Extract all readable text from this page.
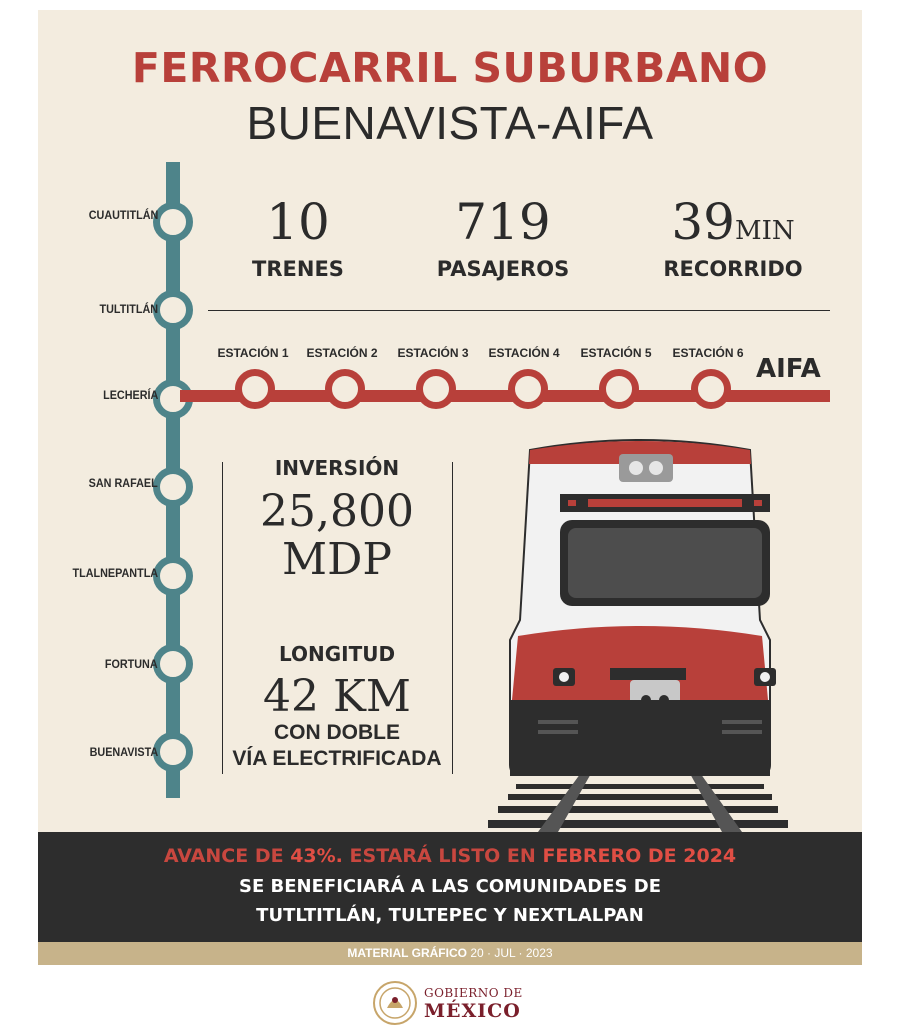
FERROCARRIL SUBURBANO
BUENAVISTA-AIFA
CUAUTITLÁN
TULTITLÁN
LECHERÍA
SAN RAFAEL
TLALNEPANTLA
FORTUNA
BUENAVISTA
10
TRENES
719
PASAJEROS
39MIN
RECORRIDO
ESTACIÓN 1	ESTACIÓN 2	ESTACIÓN 3	ESTACIÓN 4	ESTACIÓN 5	ESTACIÓN 6
AIFA
INVERSIÓN
25,800
MDP
LONGITUD
42 KM
CON DOBLE
VÍA ELECTRIFICADA
AVANCE DE 43%. ESTARÁ LISTO EN FEBRERO DE 2024
SE BENEFICIARÁ A LAS COMUNIDADES DE
TUTLTITLÁN, TULTEPEC Y NEXTLALPAN
MATERIAL GRÁFICO 20 · JUL · 2023
GOBIERNO DE
MÉXICO
